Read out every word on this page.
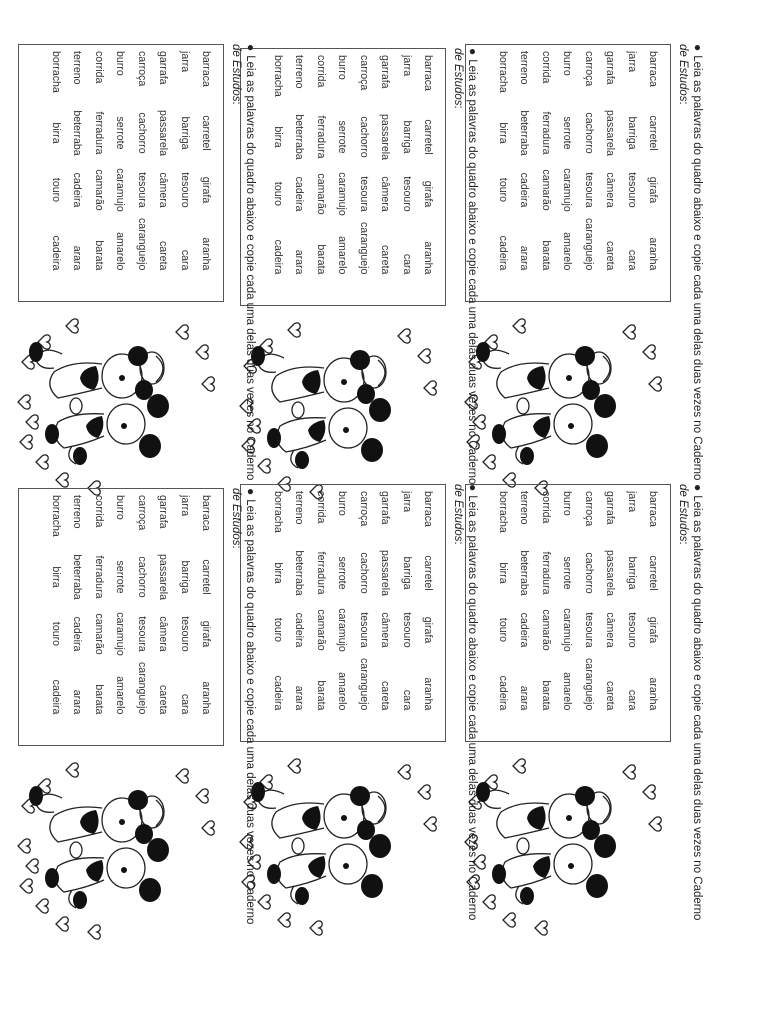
●Leia as palavras do quadro abaixo e copie cada uma delas duas vezes no Caderno de Estudos:
barraca	carretel	girafa	aranha
jarra	barriga	tesouro	cara
garrafa	passarela	câmera	careta
carroça	cachorro	tesoura	caranguejo
burro	serrote	caramujo	amarelo
corrida	ferradura	camarão	barata
terreno	beterraba	cadeira	arara
borracha	birra	touro	cadeira
●Leia as palavras do quadro abaixo e copie cada uma delas duas vezes no Caderno de Estudos:
barraca	carretel	girafa	aranha
jarra	barriga	tesouro	cara
garrafa	passarela	câmera	careta
carroça	cachorro	tesoura	caranguejo
burro	serrote	caramujo	amarelo
corrida	ferradura	camarão	barata
terreno	beterraba	cadeira	arara
borracha	birra	touro	cadeira
●Leia as palavras do quadro abaixo e copie cada uma delas duas vezes no Caderno de Estudos:
barraca	carretel	girafa	aranha
jarra	barriga	tesouro	cara
garrafa	passarela	câmera	careta
carroça	cachorro	tesoura	caranguejo
burro	serrote	caramujo	amarelo
corrida	ferradura	camarão	barata
terreno	beterraba	cadeira	arara
borracha	birra	touro	cadeira
●Leia as palavras do quadro abaixo e copie cada uma delas duas vezes no Caderno de Estudos:
barraca	carretel	girafa	aranha
jarra	barriga	tesouro	cara
garrafa	passarela	câmera	careta
carroça	cachorro	tesoura	caranguejo
burro	serrote	caramujo	amarelo
corrida	ferradura	camarão	barata
terreno	beterraba	cadeira	arara
borracha	birra	touro	cadeira
●Leia as palavras do quadro abaixo e copie cada uma delas duas vezes no Caderno de Estudos:
barraca	carretel	girafa	aranha
jarra	barriga	tesouro	cara
garrafa	passarela	câmera	careta
carroça	cachorro	tesoura	caranguejo
burro	serrote	caramujo	amarelo
corrida	ferradura	camarão	barata
terreno	beterraba	cadeira	arara
borracha	birra	touro	cadeira
●Leia as palavras do quadro abaixo e copie cada uma delas duas vezes no Caderno de Estudos:
barraca	carretel	girafa	aranha
jarra	barriga	tesouro	cara
garrafa	passarela	câmera	careta
carroça	cachorro	tesoura	caranguejo
burro	serrote	caramujo	amarelo
corrida	ferradura	camarão	barata
terreno	beterraba	cadeira	arara
borracha	birra	touro	cadeira
